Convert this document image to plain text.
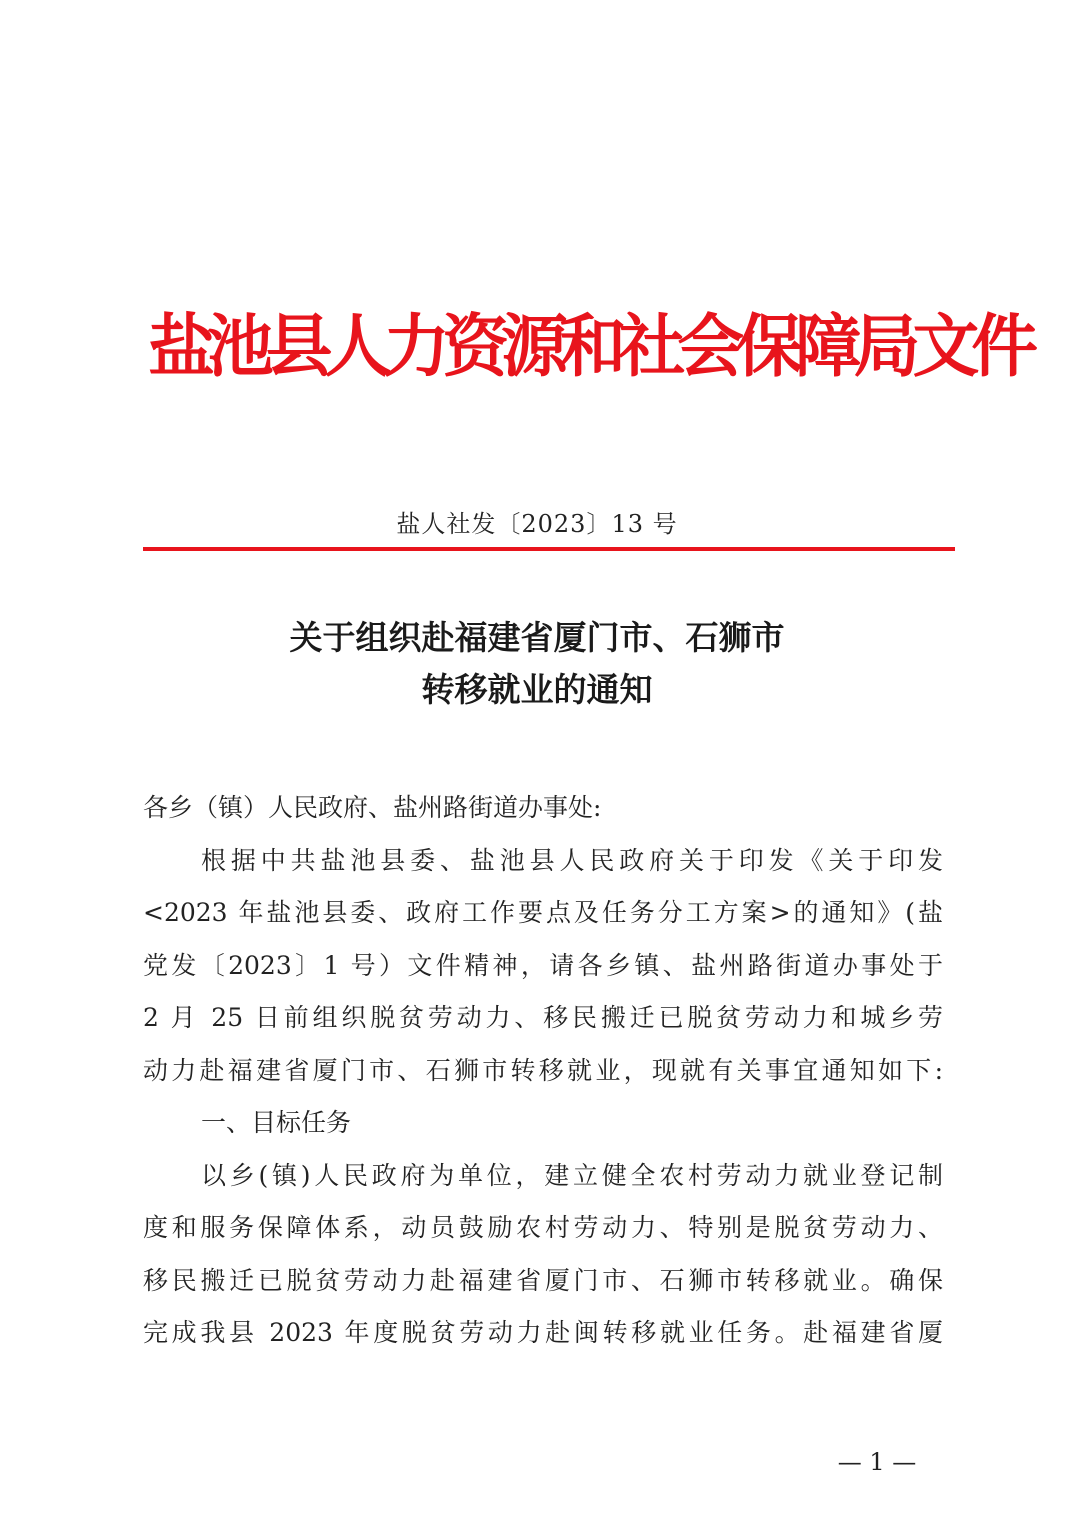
盐池县人力资源和社会保障局文件
盐人社发〔2023〕13 号
关于组织赴福建省厦门市、石狮市
转移就业的通知
各乡（镇）人民政府、盐州路街道办事处:
根据中共盐池县委、盐池县人民政府关于印发《关于印发
<2023 年盐池县委、政府工作要点及任务分工方案>的通知》(盐
党发〔2023〕1 号）文件精神，请各乡镇、盐州路街道办事处于
2 月 25 日前组织脱贫劳动力、移民搬迁已脱贫劳动力和城乡劳
动力赴福建省厦门市、石狮市转移就业，现就有关事宜通知如下:
一、目标任务
以乡(镇)人民政府为单位，建立健全农村劳动力就业登记制
度和服务保障体系，动员鼓励农村劳动力、特别是脱贫劳动力、
移民搬迁已脱贫劳动力赴福建省厦门市、石狮市转移就业。确保
完成我县 2023 年度脱贫劳动力赴闽转移就业任务。赴福建省厦
— 1 —
